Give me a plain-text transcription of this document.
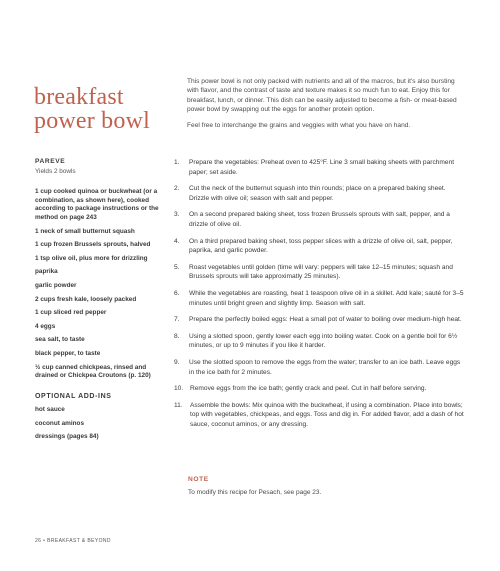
breakfast
power bowl

This power bowl is not only packed with nutrients and all of the macros, but it's also bursting with flavor, and the contrast of taste and texture makes it so much fun to eat. Enjoy this for breakfast, lunch, or dinner. This dish can be easily adjusted to become a fish- or meat-based power bowl by swapping out the eggs for another protein option.

Feel free to interchange the grains and veggies with what you have on hand.

PAREVE

Yields 2 bowls

1 cup cooked quinoa or buckwheat (or a combination, as shown here), cooked according to package instructions or the method on page 243

1 neck of small butternut squash

1 cup frozen Brussels sprouts, halved

1 tsp olive oil, plus more for drizzling

paprika

garlic powder

2 cups fresh kale, loosely packed

1 cup sliced red pepper

4 eggs

sea salt, to taste

black pepper, to taste

½ cup canned chickpeas, rinsed and drained or Chickpea Croutons (p. 120)

OPTIONAL ADD-INS

hot sauce

coconut aminos

dressings (pages 84)

1.	Prepare the vegetables: Preheat oven to 425°F. Line 3 small baking sheets with parchment paper; set aside.
2.	Cut the neck of the butternut squash into thin rounds; place on a prepared baking sheet. Drizzle with olive oil; season with salt and pepper.
3.	On a second prepared baking sheet, toss frozen Brussels sprouts with salt, pepper, and a drizzle of olive oil.
4.	On a third prepared baking sheet, toss pepper slices with a drizzle of olive oil, salt, pepper, paprika, and garlic powder.
5.	Roast vegetables until golden (time will vary: peppers will take 12–15 minutes; squash and Brussels sprouts will take approximatly 25 minutes).
6.	While the vegetables are roasting, heat 1 teaspoon olive oil in a skillet. Add kale; sauté for 3–5 minutes until bright green and slightly limp. Season with salt.
7.	Prepare the perfectly boiled eggs: Heat a small pot of water to boiling over medium-high heat.
8.	Using a slotted spoon, gently lower each egg into boiling water. Cook on a gentle boil for 6½ minutes, or up to 9 minutes if you like it harder.
9.	Use the slotted spoon to remove the eggs from the water; transfer to an ice bath. Leave eggs in the ice bath for 2 minutes.
10.	Remove eggs from the ice bath; gently crack and peel. Cut in half before serving.
11.	Assemble the bowls: Mix quinoa with the buckwheat, if using a combination. Place into bowls; top with vegetables, chickpeas, and eggs. Toss and dig in. For added flavor, add a dash of hot sauce, coconut aminos, or any dressing.
NOTE
To modify this recipe for Pesach, see page 23.
26 • BREAKFAST & BEYOND
